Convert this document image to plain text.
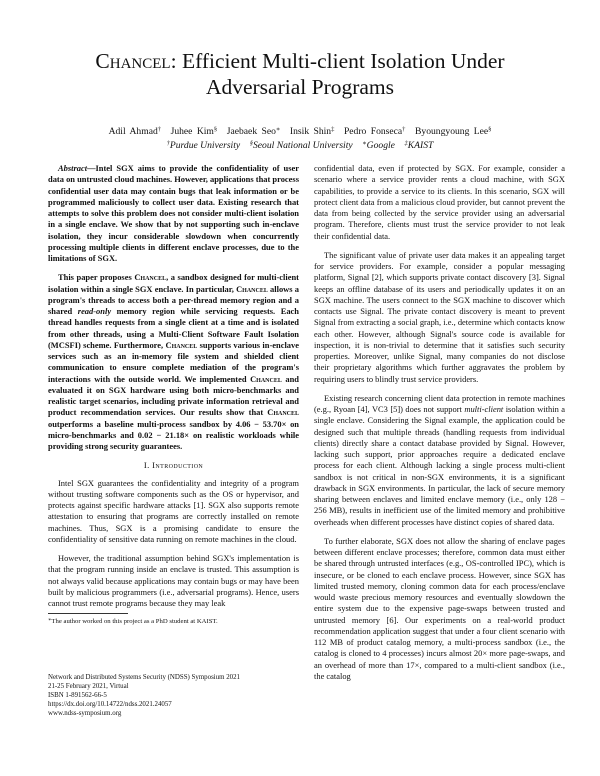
Chancel: Efficient Multi-client Isolation Under
Adversarial Programs
Adil Ahmad†  Juhee Kim§  Jaebaek Seo∗  Insik Shin‡  Pedro Fonseca†  Byoungyoung Lee§
†Purdue University  §Seoul National University  ∗Google  ‡KAIST

Abstract—Intel SGX aims to provide the confidentiality of user data on untrusted cloud machines. However, applications that process confidential user data may contain bugs that leak information or be programmed maliciously to collect user data. Existing research that attempts to solve this problem does not consider multi-client isolation in a single enclave. We show that by not supporting such in-enclave isolation, they incur considerable slowdown when concurrently processing multiple clients in different enclave processes, due to the limitations of SGX.

This paper proposes Chancel, a sandbox designed for multi-client isolation within a single SGX enclave. In particular, Chancel allows a program's threads to access both a per-thread memory region and a shared read-only memory region while servicing requests. Each thread handles requests from a single client at a time and is isolated from other threads, using a Multi-Client Software Fault Isolation (MCSFI) scheme. Furthermore, Chancel supports various in-enclave services such as an in-memory file system and shielded client communication to ensure complete mediation of the program's interactions with the outside world. We implemented Chancel and evaluated it on SGX hardware using both micro-benchmarks and realistic target scenarios, including private information retrieval and product recommendation services. Our results show that Chancel outperforms a baseline multi-process sandbox by 4.06 − 53.70× on micro-benchmarks and 0.02 − 21.18× on realistic workloads while providing strong security guarantees.

I. Introduction

Intel SGX guarantees the confidentiality and integrity of a program without trusting software components such as the OS or hypervisor, and protects against specific hardware attacks [1]. SGX also supports remote attestation to ensuring that programs are correctly installed on remote machines. Thus, SGX is a promising candidate to ensure the confidentiality of sensitive data running on remote machines in the cloud.

However, the traditional assumption behind SGX's implementation is that the program running inside an enclave is trusted. This assumption is not always valid because applications may contain bugs or may have been built by malicious programmers (i.e., adversarial programs). Hence, users cannot trust remote programs because they may leak

∗The author worked on this project as a PhD student at KAIST.
Network and Distributed Systems Security (NDSS) Symposium 2021
21-25 February 2021, Virtual
ISBN 1-891562-66-5
https://dx.doi.org/10.14722/ndss.2021.24057
www.ndss-symposium.org

confidential data, even if protected by SGX. For example, consider a scenario where a service provider rents a cloud machine, with SGX capabilities, to provide a service to its clients. In this scenario, SGX will protect client data from a malicious cloud provider, but cannot prevent the data from being collected by the service provider using an adversarial program. Therefore, clients must trust the service provider to not leak their confidential data.

The significant value of private user data makes it an appealing target for service providers. For example, consider a popular messaging platform, Signal [2], which supports private contact discovery [3]. Signal keeps an offline database of its users and periodically updates it on an SGX machine. The users connect to the SGX machine to discover which contacts use Signal. The private contact discovery is meant to prevent Signal from extracting a social graph, i.e., determine which contacts know each other. However, although Signal's source code is available for inspection, it is non-trivial to determine that it satisfies such security properties. Moreover, unlike Signal, many companies do not disclose their proprietary algorithms which further aggravates the problem by requiring users to blindly trust service providers.

Existing research concerning client data protection in remote machines (e.g., Ryoan [4], VC3 [5]) does not support multi-client isolation within a single enclave. Considering the Signal example, the application could be designed such that multiple threads (handling requests from individual clients) directly share a contact database provided by Signal. However, lacking such support, prior approaches require a dedicated enclave process for each client. Although lacking a single process multi-client sandbox is not critical in non-SGX environments, it is a significant drawback in SGX environments. In particular, the lack of secure memory sharing between enclaves and limited enclave memory (i.e., only 128 − 256 MB), results in inefficient use of the limited memory and prohibitive overheads when different processes have distinct copies of shared data.

To further elaborate, SGX does not allow the sharing of enclave pages between different enclave processes; therefore, common data must either be shared through untrusted interfaces (e.g., OS-controlled IPC), which is insecure, or be cloned to each enclave process. However, since SGX has limited trusted memory, cloning common data for each process/enclave would waste precious memory resources and eventually slowdown the entire system due to the expensive page-swaps between trusted and untrusted memory [6]. Our experiments on a real-world product recommendation application suggest that under a four client scenario with 112 MB of product catalog memory, a multi-process sandbox (i.e., the catalog is cloned to 4 processes) incurs almost 20× more page-swaps, and an overhead of more than 17×, compared to a multi-client sandbox (i.e., the catalog
